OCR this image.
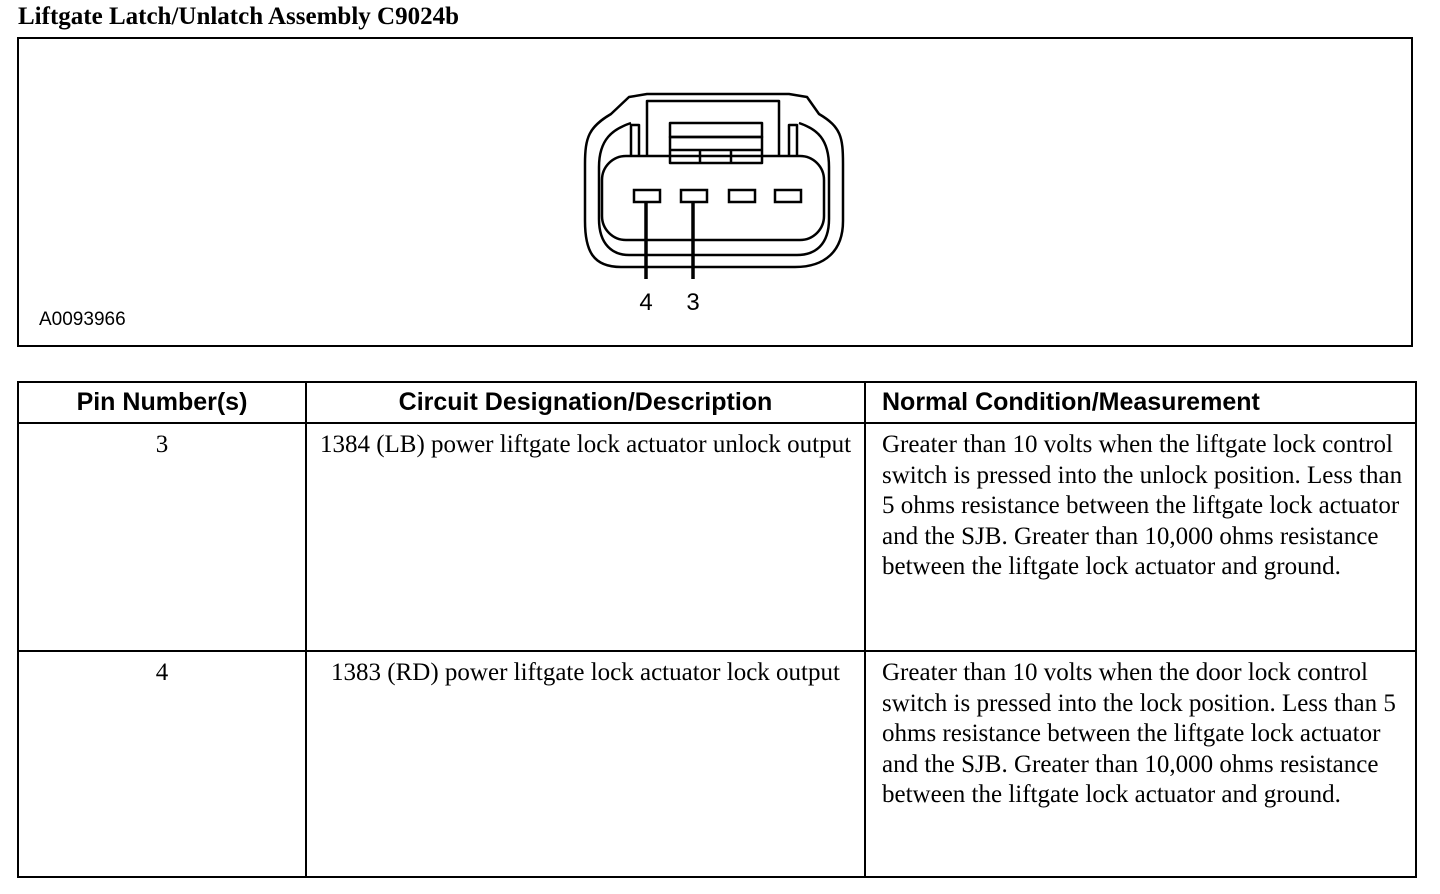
Liftgate Latch/Unlatch Assembly C9024b
4 3
A0093966
Pin Number(s)	Circuit Designation/Description	Normal Condition/Measurement
3	1384 (LB) power liftgate lock actuator unlock output	Greater than 10 volts when the liftgate lock control switch is pressed into the unlock position. Less than 5 ohms resistance between the liftgate lock actuator and the SJB. Greater than 10,000 ohms resistance between the liftgate lock actuator and ground.
4	1383 (RD) power liftgate lock actuator lock output	Greater than 10 volts when the door lock control switch is pressed into the lock position. Less than 5 ohms resistance between the liftgate lock actuator and the SJB. Greater than 10,000 ohms resistance between the liftgate lock actuator and ground.
